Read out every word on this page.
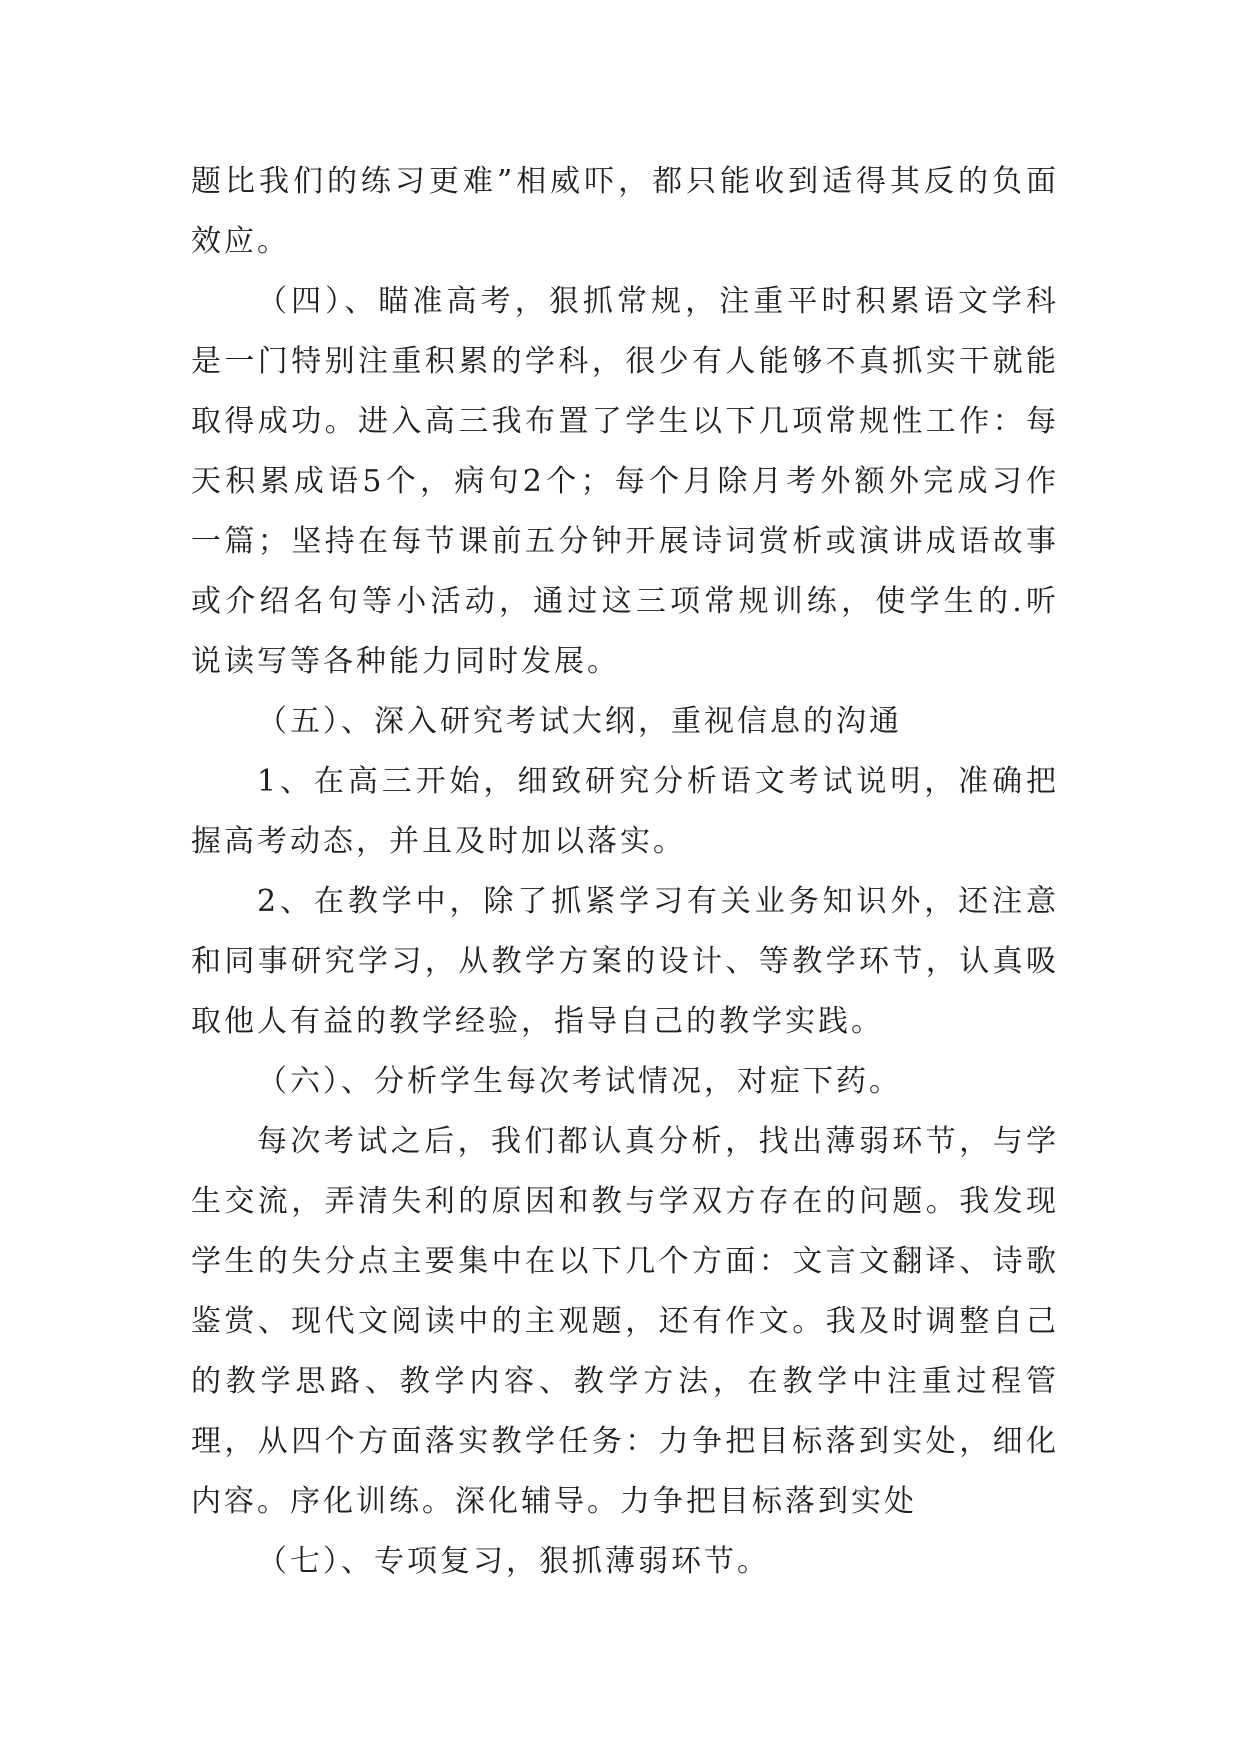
题比我们的练习更难”相威吓，都只能收到适得其反的负面效应。

（四）、瞄准高考，狠抓常规，注重平时积累语文学科是一门特别注重积累的学科，很少有人能够不真抓实干就能取得成功。进入高三我布置了学生以下几项常规性工作：每天积累成语5个，病句2个；每个月除月考外额外完成习作一篇；坚持在每节课前五分钟开展诗词赏析或演讲成语故事或介绍名句等小活动，通过这三项常规训练，使学生的.听说读写等各种能力同时发展。

（五）、深入研究考试大纲，重视信息的沟通

1、在高三开始，细致研究分析语文考试说明，准确把握高考动态，并且及时加以落实。

2、在教学中，除了抓紧学习有关业务知识外，还注意和同事研究学习，从教学方案的设计、等教学环节，认真吸取他人有益的教学经验，指导自己的教学实践。

（六）、分析学生每次考试情况，对症下药。

每次考试之后，我们都认真分析，找出薄弱环节，与学生交流，弄清失利的原因和教与学双方存在的问题。我发现学生的失分点主要集中在以下几个方面：文言文翻译、诗歌鉴赏、现代文阅读中的主观题，还有作文。我及时调整自己的教学思路、教学内容、教学方法，在教学中注重过程管理，从四个方面落实教学任务：力争把目标落到实处，细化内容。序化训练。深化辅导。力争把目标落到实处

（七）、专项复习，狠抓薄弱环节。
